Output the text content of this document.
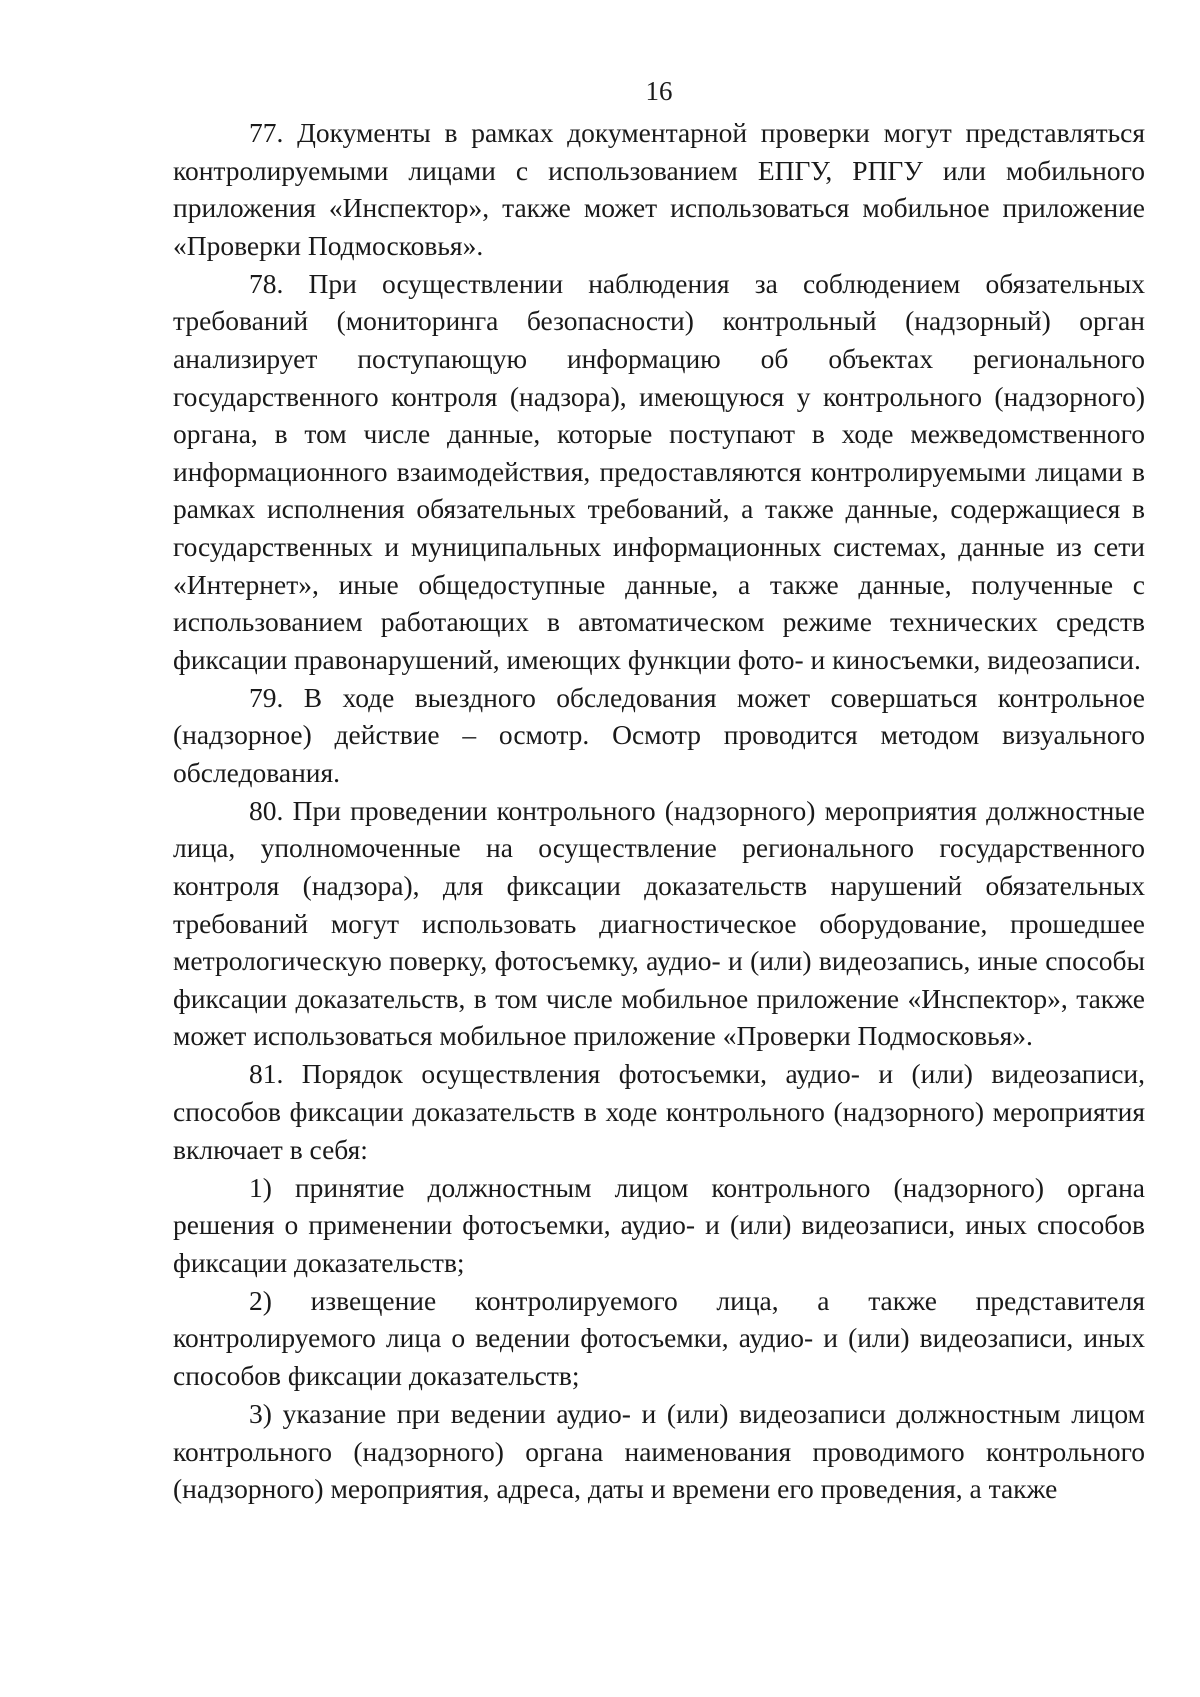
16

77. Документы в рамках документарной проверки могут представляться контролируемыми лицами с использованием ЕПГУ, РПГУ или мобильного приложения «Инспектор», также может использоваться мобильное приложение «Проверки Подмосковья».

78. При осуществлении наблюдения за соблюдением обязательных требований (мониторинга безопасности) контрольный (надзорный) орган анализирует поступающую информацию об объектах регионального государственного контроля (надзора), имеющуюся у контрольного (надзорного) органа, в том числе данные, которые поступают в ходе межведомственного информационного взаимодействия, предоставляются контролируемыми лицами в рамках исполнения обязательных требований, а также данные, содержащиеся в государственных и муниципальных информационных системах, данные из сети «Интернет», иные общедоступные данные, а также данные, полученные с использованием работающих в автоматическом режиме технических средств фиксации правонарушений, имеющих функции фото- и киносъемки, видеозаписи.

79. В ходе выездного обследования может совершаться контрольное (надзорное) действие – осмотр. Осмотр проводится методом визуального обследования.

80. При проведении контрольного (надзорного) мероприятия должностные лица, уполномоченные на осуществление регионального государственного контроля (надзора), для фиксации доказательств нарушений обязательных требований могут использовать диагностическое оборудование, прошедшее метрологическую поверку, фотосъемку, аудио- и (или) видеозапись, иные способы фиксации доказательств, в том числе мобильное приложение «Инспектор», также может использоваться мобильное приложение «Проверки Подмосковья».

81. Порядок осуществления фотосъемки, аудио- и (или) видеозаписи, способов фиксации доказательств в ходе контрольного (надзорного) мероприятия включает в себя:

1) принятие должностным лицом контрольного (надзорного) органа решения о применении фотосъемки, аудио- и (или) видеозаписи, иных способов фиксации доказательств;

2) извещение контролируемого лица, а также представителя контролируемого лица о ведении фотосъемки, аудио- и (или) видеозаписи, иных способов фиксации доказательств;

3) указание при ведении аудио- и (или) видеозаписи должностным лицом контрольного (надзорного) органа наименования проводимого контрольного (надзорного) мероприятия, адреса, даты и времени его проведения, а также
